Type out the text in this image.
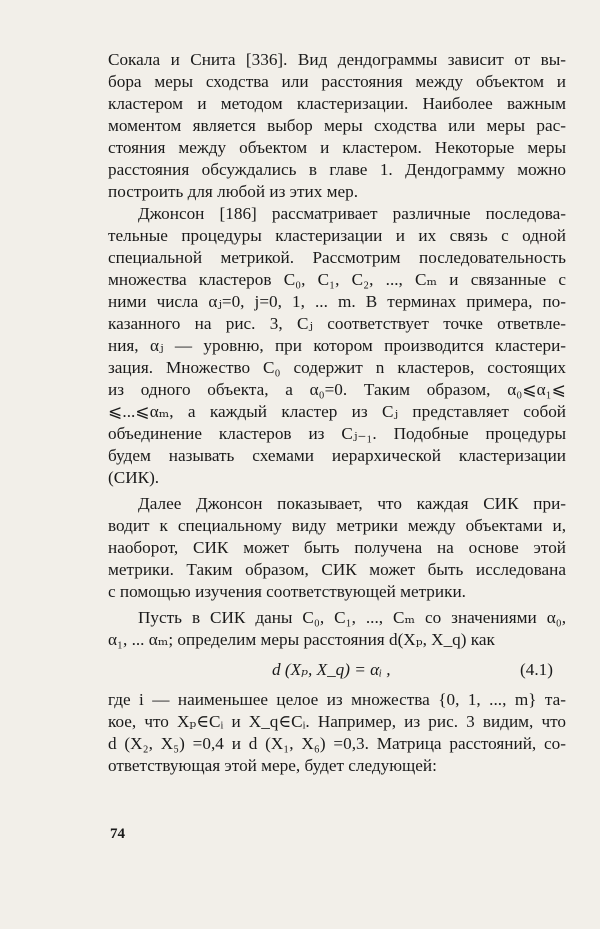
Сокала и Снита [336]. Вид дендограммы зависит от вы-
бора меры сходства или расстояния между объектом и
кластером и методом кластеризации. Наиболее важным
моментом является выбор меры сходства или меры рас-
стояния между объектом и кластером. Некоторые меры
расстояния обсуждались в главе 1. Дендограмму можно
построить для любой из этих мер.
Джонсон [186] рассматривает различные последова-
тельные процедуры кластеризации и их связь с одной
специальной метрикой. Рассмотрим последовательность
множества кластеров C₀, C₁, C₂, ..., Cₘ и связанные с
ними числа αⱼ=0, j=0, 1, ... m. В терминах примера, по-
казанного на рис. 3, Cⱼ соответствует точке ответвле-
ния, αⱼ — уровню, при котором производится кластери-
зация. Множество C₀ содержит n кластеров, состоящих
из одного объекта, а α₀=0. Таким образом, α₀⩽α₁⩽
⩽...⩽αₘ, а каждый кластер из Cⱼ представляет собой
объединение кластеров из Cⱼ₋₁. Подобные процедуры
будем называть схемами иерархической кластеризации
(СИК).
Далее Джонсон показывает, что каждая СИК при-
водит к специальному виду метрики между объектами и,
наоборот, СИК может быть получена на основе этой
метрики. Таким образом, СИК может быть исследована
с помощью изучения соответствующей метрики.
Пусть в СИК даны C₀, C₁, ..., Cₘ со значениями α₀,
α₁, ... αₘ; определим меры расстояния d(Xₚ, X_q) как
d (Xₚ, X_q) = αᵢ ,	(4.1)
где i — наименьшее целое из множества {0, 1, ..., m} та-
кое, что Xₚ∈Cᵢ и X_q∈Cᵢ. Например, из рис. 3 видим, что
d (X₂, X₅) =0,4 и d (X₁, X₆) =0,3. Матрица расстояний, со-
ответствующая этой мере, будет следующей:
74
